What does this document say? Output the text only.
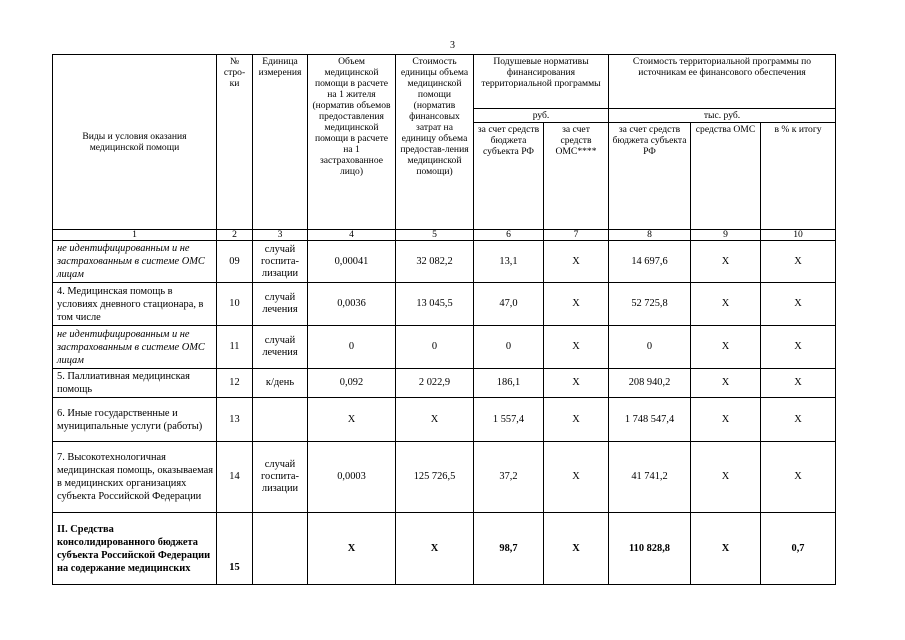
3
Виды и условия оказания медицинской помощи	№ стро-ки	Единица измерения	Объем медицинской помощи в расчете на 1 жителя (норматив объемов предоставления медицинской помощи в расчете на 1 застрахованное лицо)	Стоимость единицы объема медицинской помощи (норматив финансовых затрат на единицу объема предостав-ления медицинской помощи)	Подушевые нормативы финансирования территориальной программы		Стоимость территориальной программы по источникам ее финансового обеспечения		
					руб.		тыс. руб.		
					за счет средств бюджета субъекта РФ	за счет средств ОМС****	за счет средств бюджета субъекта РФ	средства ОМС	в % к итогу
1	2	3	4	5	6	7	8	9	10
не идентифицированным и не застрахованным в системе ОМС лицам	09	случай госпита-лизации	0,00041	32 082,2	13,1	X	14 697,6	X	X
4. Медицинская помощь в условиях дневного стационара, в том числе	10	случай лечения	0,0036	13 045,5	47,0	X	52 725,8	X	X
не идентифицированным и не застрахованным в системе ОМС лицам	11	случай лечения	0	0	0	X	0	X	X
5. Паллиативная медицинская помощь	12	к/день	0,092	2 022,9	186,1	X	208 940,2	X	X
6. Иные государственные и муниципальные услуги (работы)	13		X	X	1 557,4	X	1 748 547,4	X	X
7. Высокотехнологичная медицинская помощь, оказываемая в медицинских организациях субъекта Российской Федерации	14	случай госпита-лизации	0,0003	125 726,5	37,2	X	41 741,2	X	X
II. Средства консолидированного бюджета субъекта Российской Федерации на содержание медицинских	15		X	X	98,7	X	110 828,8	X	0,7
